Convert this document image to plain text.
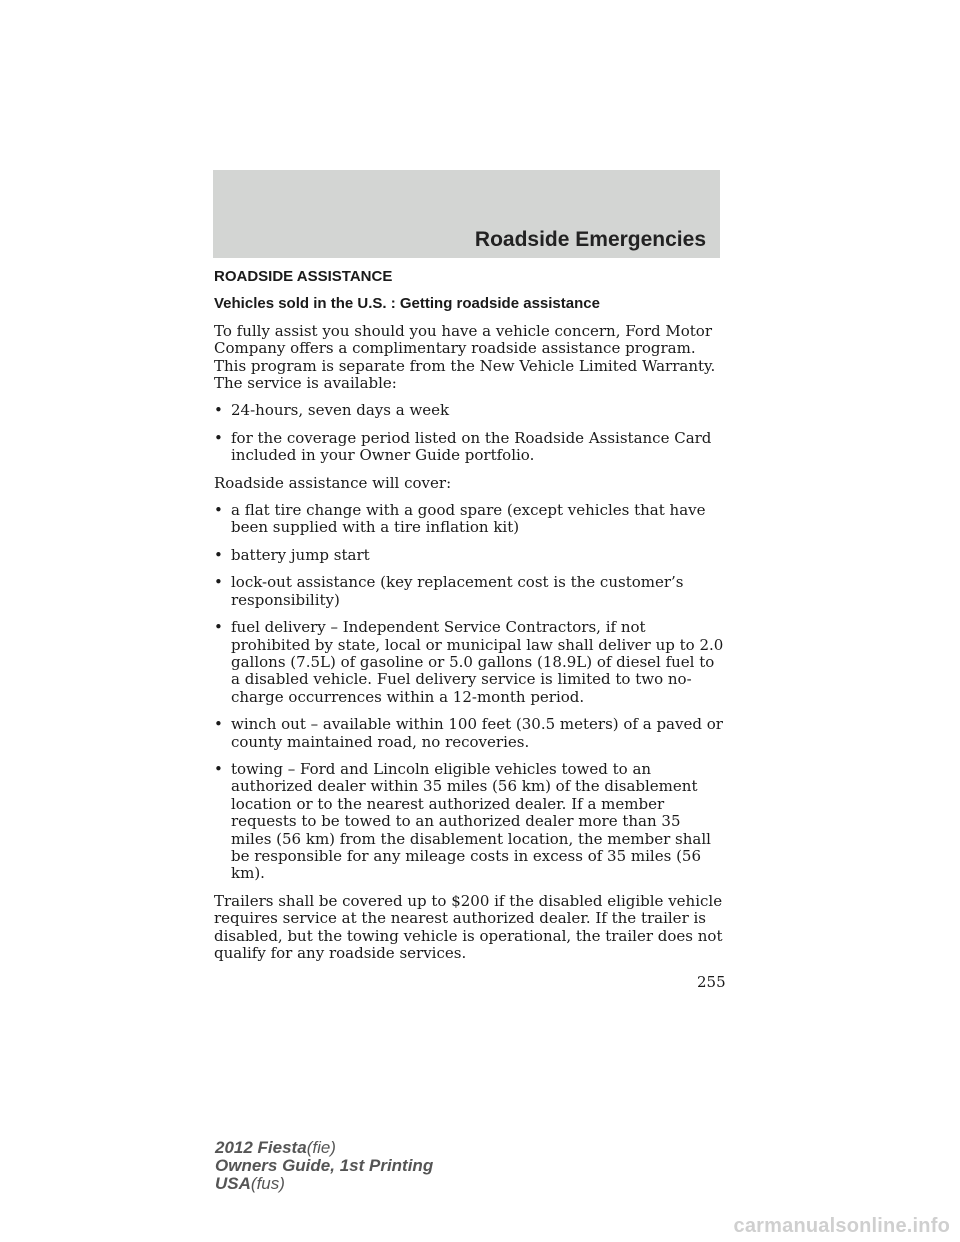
Roadside Emergencies
ROADSIDE ASSISTANCE
Vehicles sold in the U.S. : Getting roadside assistance

To fully assist you should you have a vehicle concern, Ford Motor Company offers a complimentary roadside assistance program. This program is separate from the New Vehicle Limited Warranty. The service is available:

• 24-hours, seven days a week
• for the coverage period listed on the Roadside Assistance Card included in your Owner Guide portfolio.

Roadside assistance will cover:

• a flat tire change with a good spare (except vehicles that have been supplied with a tire inflation kit)
• battery jump start
• lock-out assistance (key replacement cost is the customer’s responsibility)
• fuel delivery – Independent Service Contractors, if not prohibited by state, local or municipal law shall deliver up to 2.0 gallons (7.5L) of gasoline or 5.0 gallons (18.9L) of diesel fuel to a disabled vehicle. Fuel delivery service is limited to two no-charge occurrences within a 12-month period.
• winch out – available within 100 feet (30.5 meters) of a paved or county maintained road, no recoveries.
• towing – Ford and Lincoln eligible vehicles towed to an authorized dealer within 35 miles (56 km) of the disablement location or to the nearest authorized dealer. If a member requests to be towed to an authorized dealer more than 35 miles (56 km) from the disablement location, the member shall be responsible for any mileage costs in excess of 35 miles (56 km).

Trailers shall be covered up to $200 if the disabled eligible vehicle requires service at the nearest authorized dealer. If the trailer is disabled, but the towing vehicle is operational, the trailer does not qualify for any roadside services.

255
2012 Fiesta(fie)
Owners Guide, 1st Printing
USA(fus)
carmanualsonline.info
